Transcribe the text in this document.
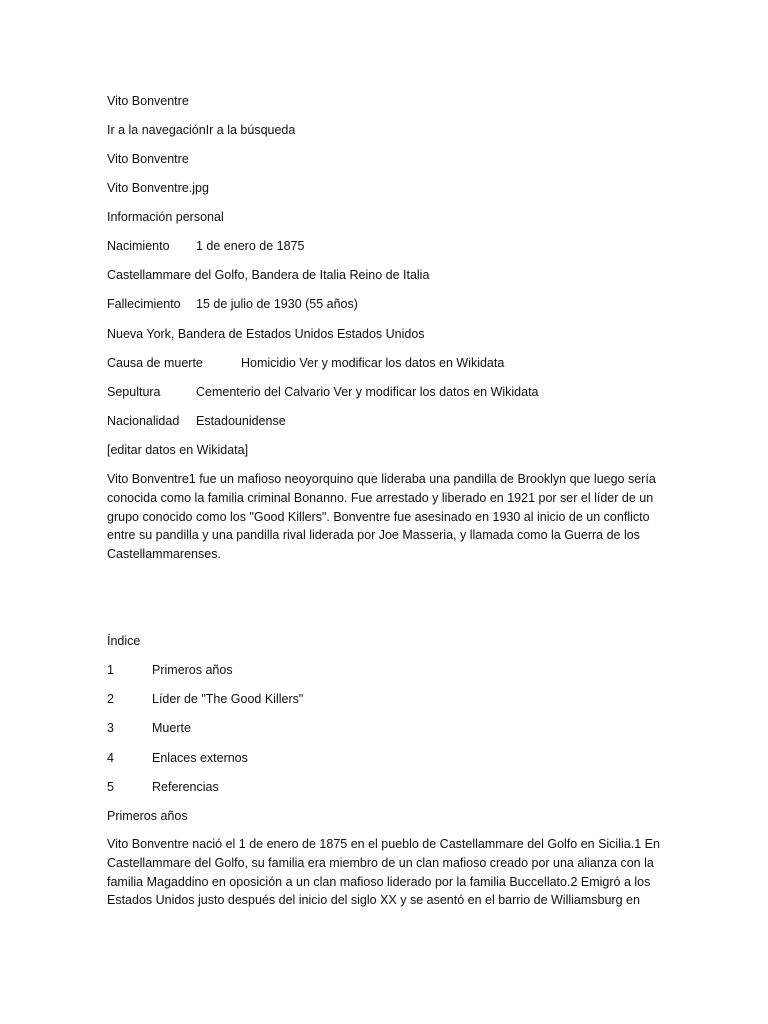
Vito Bonventre
Ir a la navegaciónIr a la búsqueda
Vito Bonventre
Vito Bonventre.jpg
Información personal
Nacimiento 1 de enero de 1875
Castellammare del Golfo, Bandera de Italia Reino de Italia
Fallecimiento 15 de julio de 1930 (55 años)
Nueva York, Bandera de Estados Unidos Estados Unidos
Causa de muerte	Homicidio Ver y modificar los datos en Wikidata
Sepultura	Cementerio del Calvario Ver y modificar los datos en Wikidata
Nacionalidad Estadounidense
[editar datos en Wikidata]
Vito Bonventre1 fue un mafioso neoyorquino que lideraba una pandilla de Brooklyn que luego sería conocida como la familia criminal Bonanno. Fue arrestado y liberado en 1921 por ser el líder de un grupo conocido como los "Good Killers". Bonventre fue asesinado en 1930 al inicio de un conflicto entre su pandilla y una pandilla rival liderada por Joe Masseria, y llamada como la Guerra de los Castellammarenses.
Índice
1	Primeros años
2	Líder de "The Good Killers"
3	Muerte
4	Enlaces externos
5	Referencias
Primeros años
Vito Bonventre nació el 1 de enero de 1875 en el pueblo de Castellammare del Golfo en Sicilia.1 En Castellammare del Golfo, su familia era miembro de un clan mafioso creado por una alianza con la familia Magaddino en oposición a un clan mafioso liderado por la familia Buccellato.2 Emigró a los Estados Unidos justo después del inicio del siglo XX y se asentó en el barrio de Williamsburg en
